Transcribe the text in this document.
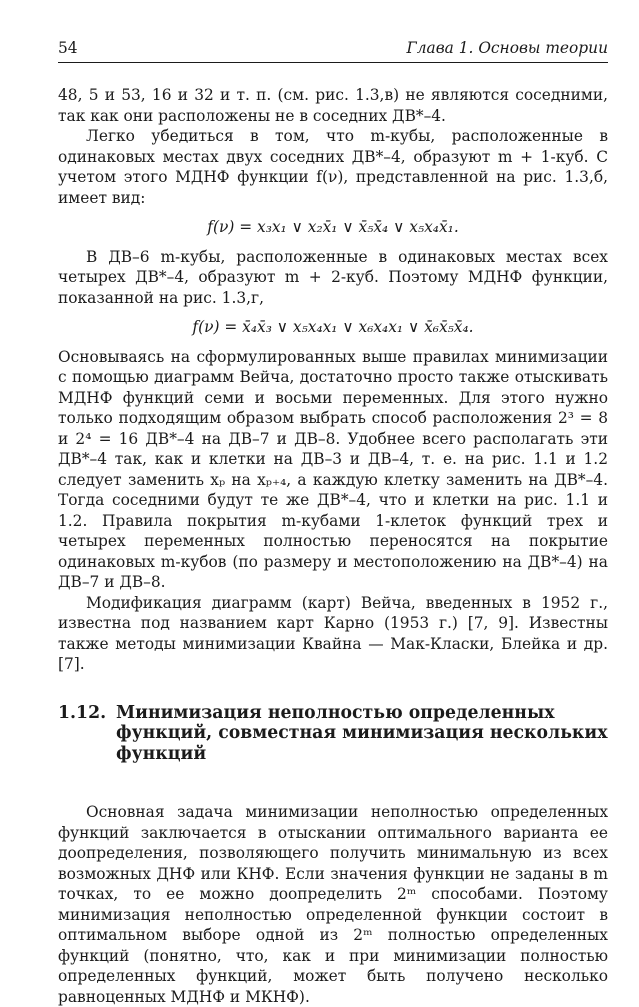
54	Глава 1. Основы теории

48, 5 и 53, 16 и 32 и т. п. (см. рис. 1.3,в) не являются соседними, так как они расположены не в соседних ДВ*–4.

Легко убедиться в том, что m-кубы, расположенные в одинаковых местах двух соседних ДВ*–4, образуют m + 1-куб. С учетом этого МДНФ функции f(ν), представленной на рис. 1.3,б, имеет вид:

f(ν) = x₃x₁ ∨ x₂x̄₁ ∨ x̄₅x̄₄ ∨ x₅x₄x̄₁.

В ДВ–6 m-кубы, расположенные в одинаковых местах всех четырех ДВ*–4, образуют m + 2-куб. Поэтому МДНФ функции, показанной на рис. 1.3,г,

f(ν) = x̄₄x̄₃ ∨ x₅x₄x₁ ∨ x₆x₄x₁ ∨ x̄₆x̄₅x̄₄.

Основываясь на сформулированных выше правилах минимизации с помощью диаграмм Вейча, достаточно просто также отыскивать МДНФ функций семи и восьми переменных. Для этого нужно только подходящим образом выбрать способ расположения 2³ = 8 и 2⁴ = 16 ДВ*–4 на ДВ–7 и ДВ–8. Удобнее всего располагать эти ДВ*–4 так, как и клетки на ДВ–3 и ДВ–4, т. е. на рис. 1.1 и 1.2 следует заменить xₚ на xₚ₊₄, а каждую клетку заменить на ДВ*–4. Тогда соседними будут те же ДВ*–4, что и клетки на рис. 1.1 и 1.2. Правила покрытия m-кубами 1-клеток функций трех и четырех переменных полностью переносятся на покрытие одинаковых m-кубов (по размеру и местоположению на ДВ*–4) на ДВ–7 и ДВ–8.

Модификация диаграмм (карт) Вейча, введенных в 1952 г., известна под названием карт Карно (1953 г.) [7, 9]. Известны также методы минимизации Квайна — Мак-Класки, Блейка и др. [7].

1.12. Минимизация неполностью определенных функций, совместная минимизация нескольких функций

Основная задача минимизации неполностью определенных функций заключается в отыскании оптимального варианта ее доопределения, позволяющего получить минимальную из всех возможных ДНФ или КНФ. Если значения функции не заданы в m точках, то ее можно доопределить 2ᵐ способами. Поэтому минимизация неполностью определенной функции состоит в оптимальном выборе одной из 2ᵐ полностью определенных функций (понятно, что, как и при минимизации полностью определенных функций, может быть получено несколько равноценных МДНФ и МКНФ).
